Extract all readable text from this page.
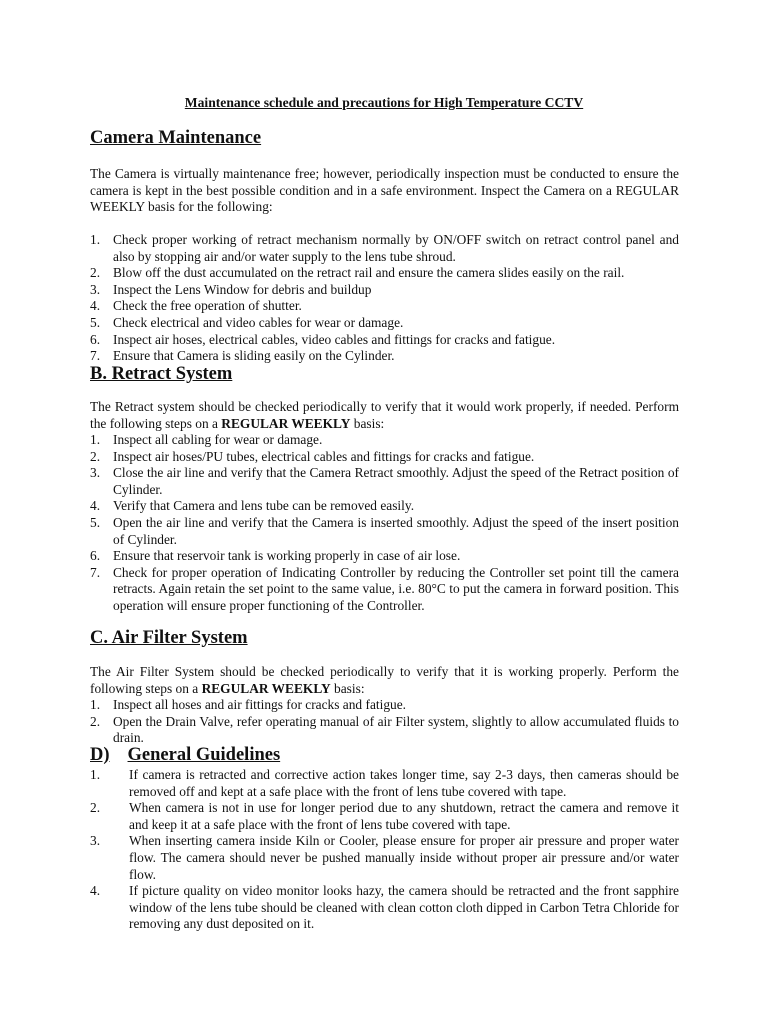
Maintenance schedule and precautions for High Temperature CCTV
Camera Maintenance
The Camera is virtually maintenance free; however, periodically inspection must be conducted to ensure the camera is kept in the best possible condition and in a safe environment. Inspect the Camera on a REGULAR WEEKLY basis for the following:
1. Check proper working of retract mechanism normally by ON/OFF switch on retract control panel and also by stopping air and/or water supply to the lens tube shroud.
2. Blow off the dust accumulated on the retract rail and ensure the camera slides easily on the rail.
3. Inspect the Lens Window for debris and buildup
4. Check the free operation of shutter.
5. Check electrical and video cables for wear or damage.
6. Inspect air hoses, electrical cables, video cables and fittings for cracks and fatigue.
7. Ensure that Camera is sliding easily on the Cylinder.
B. Retract System
The Retract system should be checked periodically to verify that it would work properly, if needed. Perform the following steps on a REGULAR WEEKLY basis:
1. Inspect all cabling for wear or damage.
2. Inspect air hoses/PU tubes, electrical cables and fittings for cracks and fatigue.
3. Close the air line and verify that the Camera Retract smoothly. Adjust the speed of the Retract position of Cylinder.
4. Verify that Camera and lens tube can be removed easily.
5. Open the air line and verify that the Camera is inserted smoothly. Adjust the speed of the insert position of Cylinder.
6. Ensure that reservoir tank is working properly in case of air lose.
7. Check for proper operation of Indicating Controller by reducing the Controller set point till the camera retracts. Again retain the set point to the same value, i.e. 80°C to put the camera in forward position. This operation will ensure proper functioning of the Controller.
C. Air Filter System
The Air Filter System should be checked periodically to verify that it is working properly. Perform the following steps on a REGULAR WEEKLY basis:
1. Inspect all hoses and air fittings for cracks and fatigue.
2. Open the Drain Valve, refer operating manual of air Filter system, slightly to allow accumulated fluids to drain.
D) General Guidelines
1. If camera is retracted and corrective action takes longer time, say 2-3 days, then cameras should be removed off and kept at a safe place with the front of lens tube covered with tape.
2. When camera is not in use for longer period due to any shutdown, retract the camera and remove it and keep it at a safe place with the front of lens tube covered with tape.
3. When inserting camera inside Kiln or Cooler, please ensure for proper air pressure and proper water flow. The camera should never be pushed manually inside without proper air pressure and/or water flow.
4. If picture quality on video monitor looks hazy, the camera should be retracted and the front sapphire window of the lens tube should be cleaned with clean cotton cloth dipped in Carbon Tetra Chloride for removing any dust deposited on it.
